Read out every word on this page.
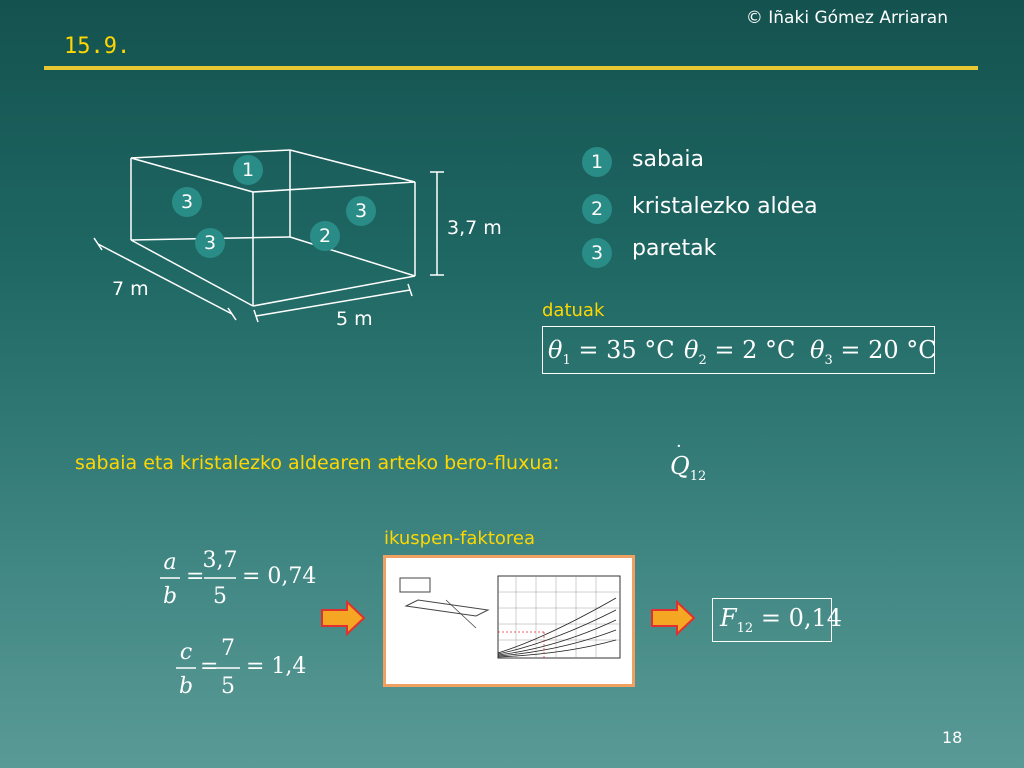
© Iñaki Gómez Arriaran
15.9.
1
3	3
3	2
7 m
5 m
3,7 m
1	sabaia
2	kristalezko aldea
3	paretak
datuak
$\theta_1 = 35$ °C $\theta_2 = 2$ °C $\theta_3 = 20$ °C
sabaia eta kristalezko aldearen arteko bero-fluxua:
·
$Q_{12}$
ikuspen-faktorea
a
b
=
3,7
5
= 0,74
c
b
=
7
5
= 1,4
$F_{12} = 0,14$
18
